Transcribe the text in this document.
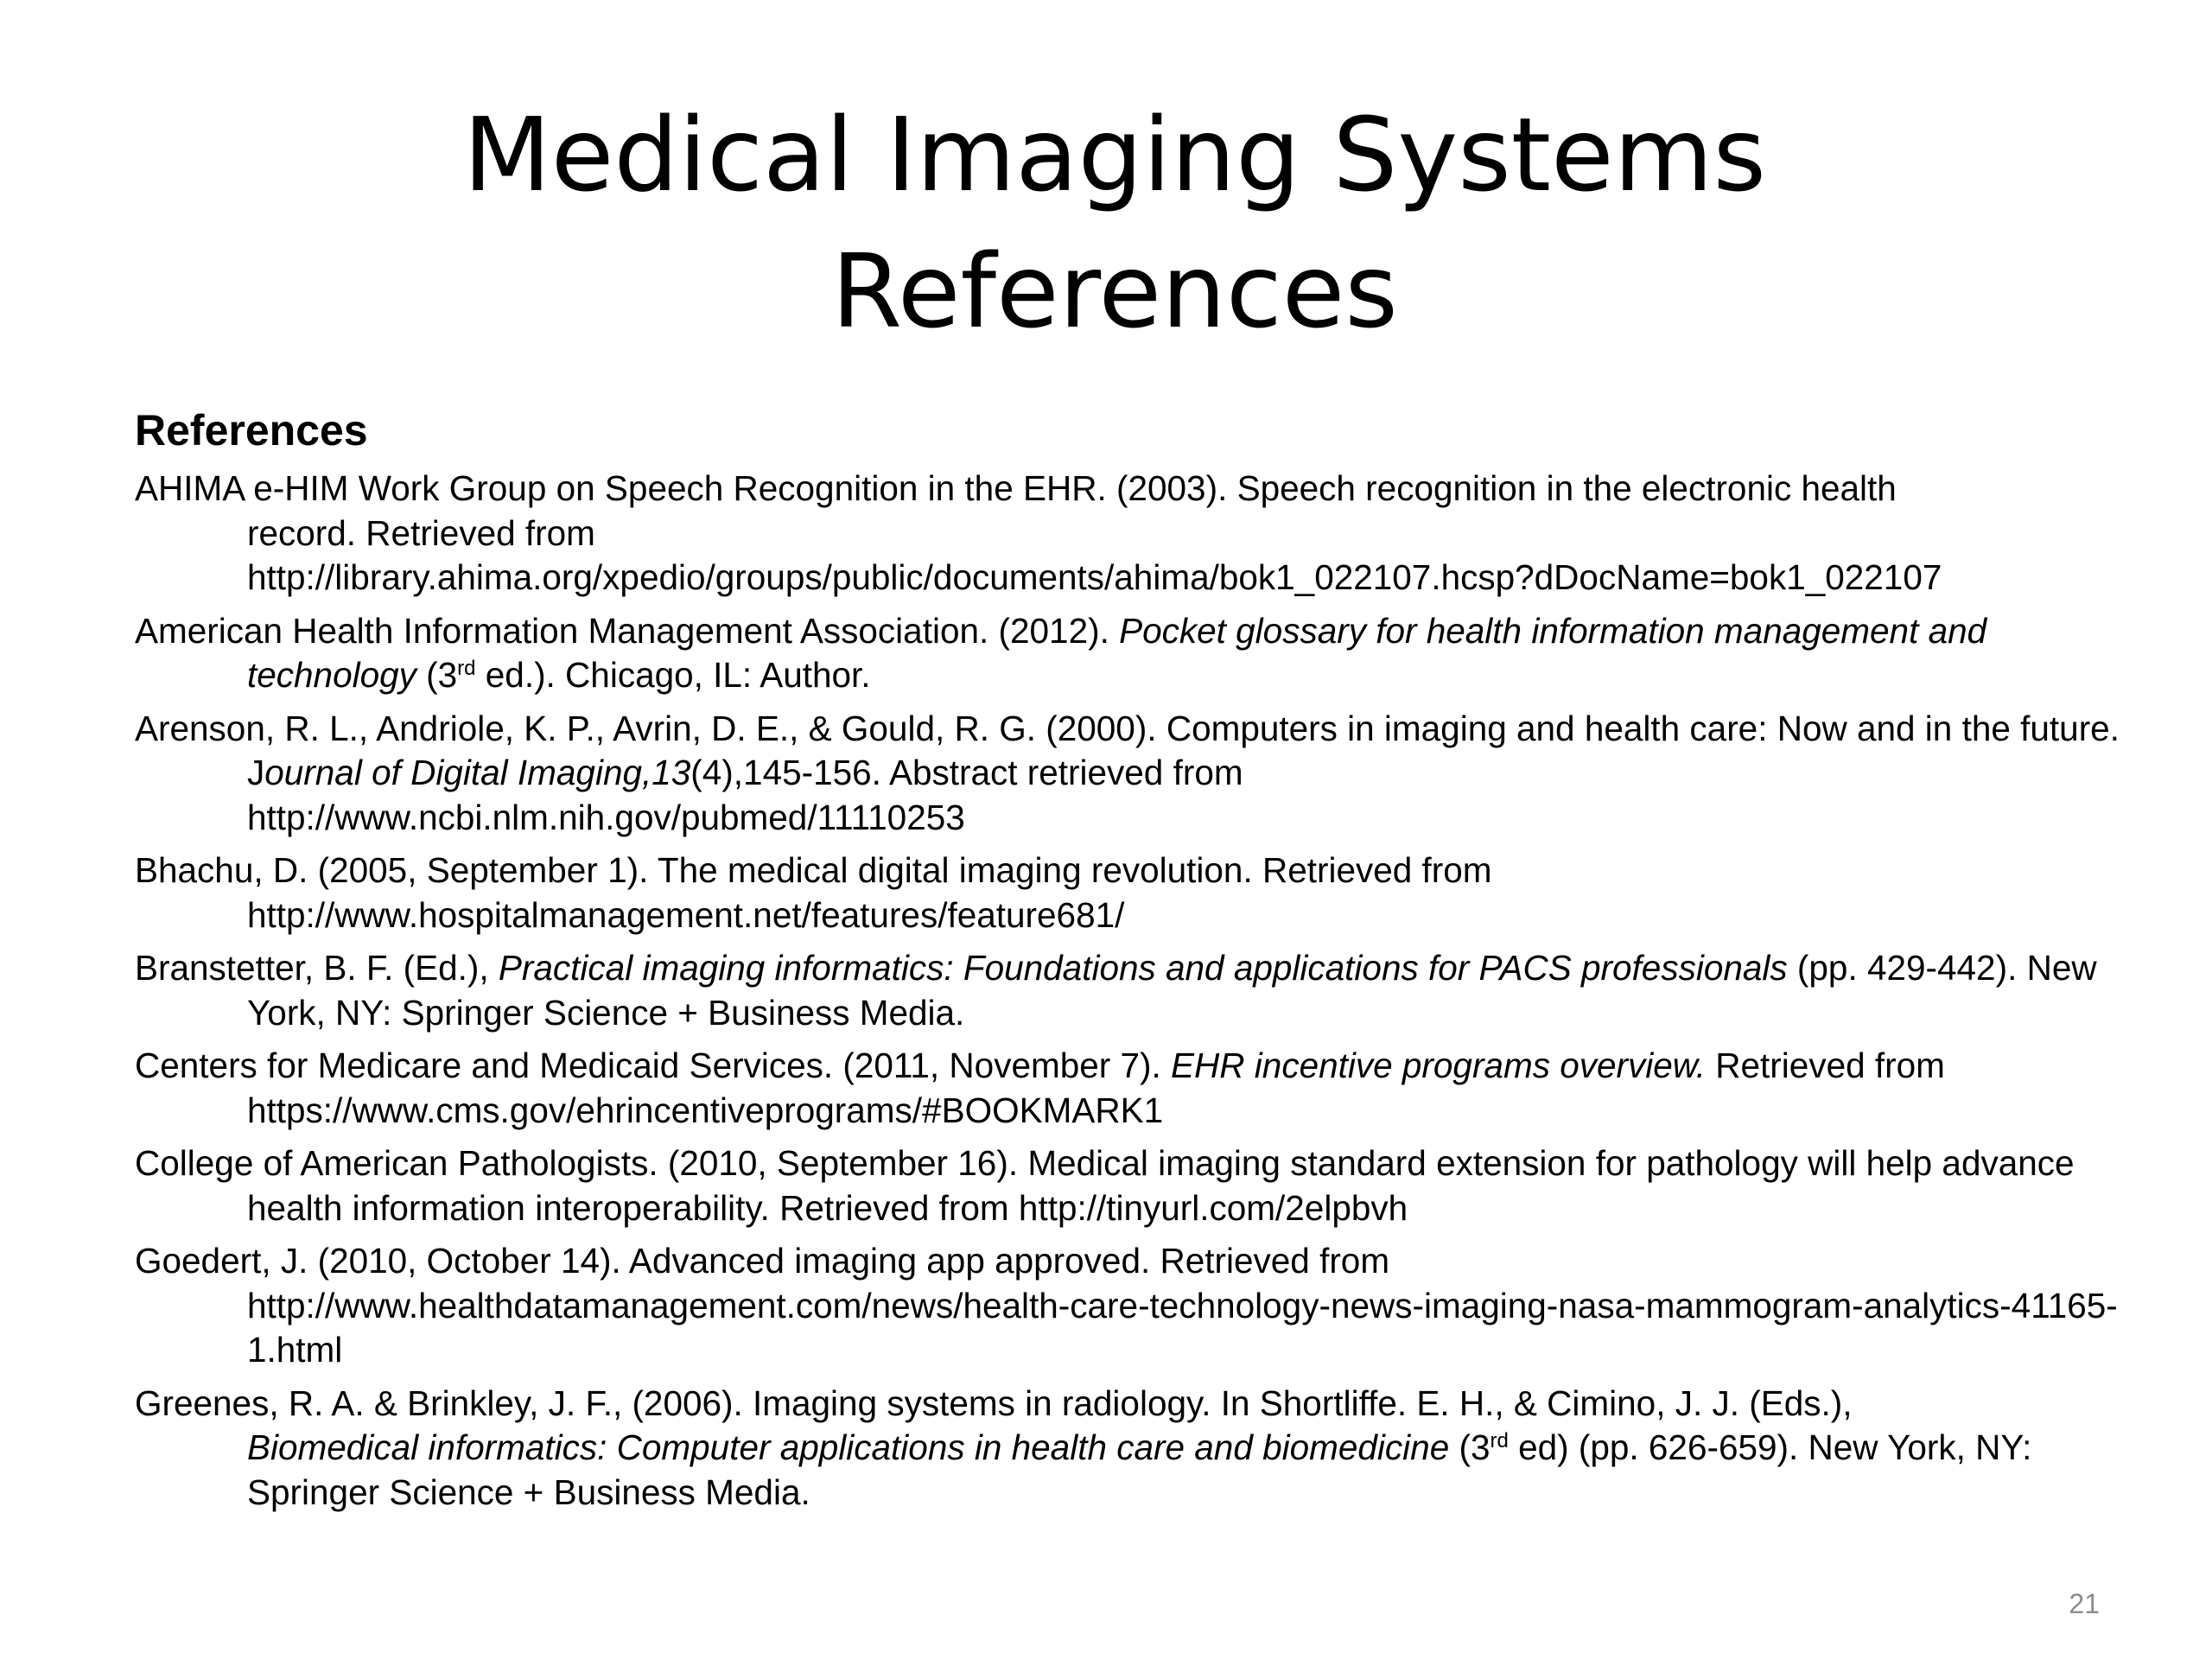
Medical Imaging Systems
References
References
AHIMA e-HIM Work Group on Speech Recognition in the EHR. (2003). Speech recognition in the electronic health
record. Retrieved from
http://library.ahima.org/xpedio/groups/public/documents/ahima/bok1_022107.hcsp?dDocName=bok1_022107
American Health Information Management Association. (2012). Pocket glossary for health information management and technology (3rd ed.). Chicago, IL: Author.
Arenson, R. L., Andriole, K. P., Avrin, D. E., & Gould, R. G. (2000). Computers in imaging and health care: Now and in the future. Journal of Digital Imaging,13(4),145-156. Abstract retrieved from
http://www.ncbi.nlm.nih.gov/pubmed/11110253
Bhachu, D. (2005, September 1). The medical digital imaging revolution. Retrieved from
http://www.hospitalmanagement.net/features/feature681/
Branstetter, B. F. (Ed.), Practical imaging informatics: Foundations and applications for PACS professionals (pp. 429-442). New York, NY: Springer Science + Business Media.
Centers for Medicare and Medicaid Services. (2011, November 7). EHR incentive programs overview. Retrieved from
https://www.cms.gov/ehrincentiveprograms/#BOOKMARK1
College of American Pathologists. (2010, September 16). Medical imaging standard extension for pathology will help advance health information interoperability. Retrieved from http://tinyurl.com/2elpbvh
Goedert, J. (2010, October 14). Advanced imaging app approved. Retrieved from
http://www.healthdatamanagement.com/news/health-care-technology-news-imaging-nasa-mammogram-analytics-41165-1.html
Greenes, R. A. & Brinkley, J. F., (2006). Imaging systems in radiology. In Shortliffe. E. H., & Cimino, J. J. (Eds.),
Biomedical informatics: Computer applications in health care and biomedicine (3rd ed) (pp. 626-659). New York, NY: Springer Science + Business Media.
21
